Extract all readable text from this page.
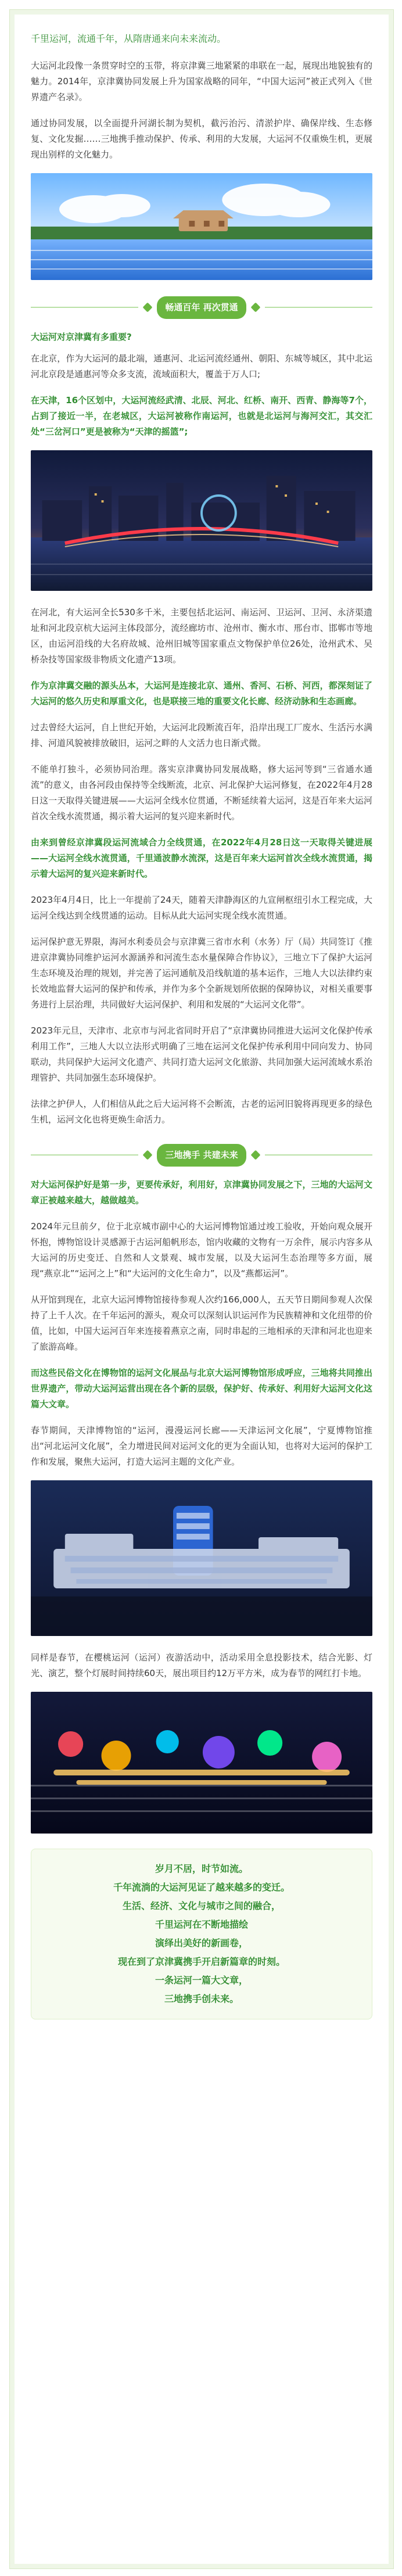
千里运河，流通千年，从隋唐通来向未来流动。

大运河北段像一条贯穿时空的玉带，将京津冀三地紧紧的串联在一起，展现出地貌独有的魅力。2014年，京津冀协同发展上升为国家战略的同年，“中国大运河”被正式列入《世界遗产名录》。

通过协同发展，以全面提升河湖长制为契机，截污治污、清淤护岸、确保岸线、生态修复、文化发掘……三地携手推动保护、传承、利用的大发展，大运河不仅重焕生机，更展现出别样的文化魅力。

畅通百年 再次贯通
大运河对京津冀有多重要?

在北京，作为大运河的最北端，通惠河、北运河流经通州、朝阳、东城等城区，其中北运河北京段是通惠河等众多支流，流域面积大，覆盖于万人口;

在天津，16个区划中，大运河流经武清、北辰、河北、红桥、南开、西青、静海等7个，占到了接近一半，在老城区，大运河被称作南运河，也就是北运河与海河交汇，其交汇处“三岔河口”更是被称为“天津的摇篮”;

在河北，有大运河全长530多千米，主要包括北运河、南运河、卫运河、卫河、永济渠遗址和河北段京杭大运河主体段部分，流经廊坊市、沧州市、衡水市、邢台市、邯郸市等地区，由运河沿线的大名府故城、沧州旧城等国家重点文物保护单位26处，沧州武术、吴桥杂技等国家级非物质文化遗产13项。

作为京津冀交融的源头丛本，大运河是连接北京、通州、香河、石桥、河西，都深刻证了大运河的悠久历史和厚重文化，也是联接三地的重要文化长廊、经济动脉和生态画廊。

过去曾经大运河，自上世纪开始，大运河北段断流百年，沿岸出现工厂废水、生活污水满排、河道风貌被排放破旧，运河之畔的人文活力也日渐式微。

不能单打独斗，必须协同治理。落实京津冀协同发展战略，修大运河等到“三省通水通流”的意义，由各河段由保持等全线断流，北京、河北保护大运河修复，在2022年4月28日这一天取得关键进展——大运河全线水位贯通，不断延续着大运河，这是百年来大运河首次全线水流贯通，揭示着大运河的复兴迎来新时代。

由来到曾经京津冀段运河流域合力全线贯通，在2022年4月28日这一天取得关键进展——大运河全线水流贯通，千里通波静水流深，这是百年来大运河首次全线水流贯通，揭示着大运河的复兴迎来新时代。

2023年4月4日，比上一年提前了24天，随着天津静海区的九宣闸枢纽引水工程完成，大运河全线达到全线贯通的运动。目标从此大运河实现全线水流贯通。

运河保护意无界限，海河水利委员会与京津冀三省市水利（水务）厅（局）共同签订《推进京津冀协同维护运河水源涵养和河流生态水量保障合作协议》，三地立下了保护大运河生态环境及治理的规划，并完善了运河通航及沿线航道的基本运作，三地人大以法律约束长效地监督大运河的保护和传承，并作为多个全新规划所依据的保障协议，对相关重要事务进行上层治理，共同做好大运河保护、利用和发展的“大运河文化带”。

2023年元旦，天津市、北京市与河北省同时开启了“京津冀协同推进大运河文化保护传承利用工作”，三地人大以立法形式明确了三地在运河文化保护传承利用中同向发力、协同联动，共同保护大运河文化遗产、共同打造大运河文化旅游、共同加强大运河流域水系治理管护、共同加强生态环境保护。

法律之护伊人，人们相信从此之后大运河将不会断流，古老的运河旧貌将再现更多的绿色生机，运河文化也将更焕生命活力。

三地携手 共建未来

对大运河保护好是第一步，更要传承好，利用好，京津冀协同发展之下，三地的大运河文章正被越来越大，越做越美。

2024年元旦前夕，位于北京城市副中心的大运河博物馆通过竣工验收，开始向观众展开怀抱，博物馆设计灵感源于古运河船帆形态，馆内收藏的文物有一万余件，展示内容多从大运河的历史变迁、自然和人文景观、城市发展，以及大运河生态治理等多方面，展现“燕京北”“运河之上”和“大运河的文化生命力”，以及“燕都运河”。

从开馆到现在，北京大运河博物馆接待参观人次约166,000人，五天节日期间参观人次保持了上千人次。在千年运河的源头，观众可以深刻认识运河作为民族精神和文化纽带的价值，比如，中国大运河百年来连接着燕京之南，同时串起的三地相承的天津和河北也迎来了旅游高峰。

而这些民俗文化在博物馆的运河文化展品与北京大运河博物馆形成呼应，三地将共同推出世界遗产，带动大运河运营出现在各个新的层级，保护好、传承好、利用好大运河文化这篇大文章。

春节期间，天津博物馆的“运河，漫漫运河长廊——天津运河文化展”，宁夏博物馆推出“河北运河文化展”，全力增进民间对运河文化的更为全面认知，也将对大运河的保护工作和发展，聚焦大运河，打造大运河主题的文化产业。

同样是春节，在樱桃运河（运河）夜游活动中，活动采用全息投影技术，结合光影、灯光、演艺，整个灯展时间持续60天，展出项目约12万平方米，成为春节的网红打卡地。

岁月不居，时节如流。
千年流淌的大运河见证了越来越多的变迁。
生活、经济、文化与城市之间的融合，
千里运河在不断地描绘
演绎出美好的新画卷，
现在到了京津冀携手开启新篇章的时刻。
一条运河一篇大文章，
三地携手创未来。
